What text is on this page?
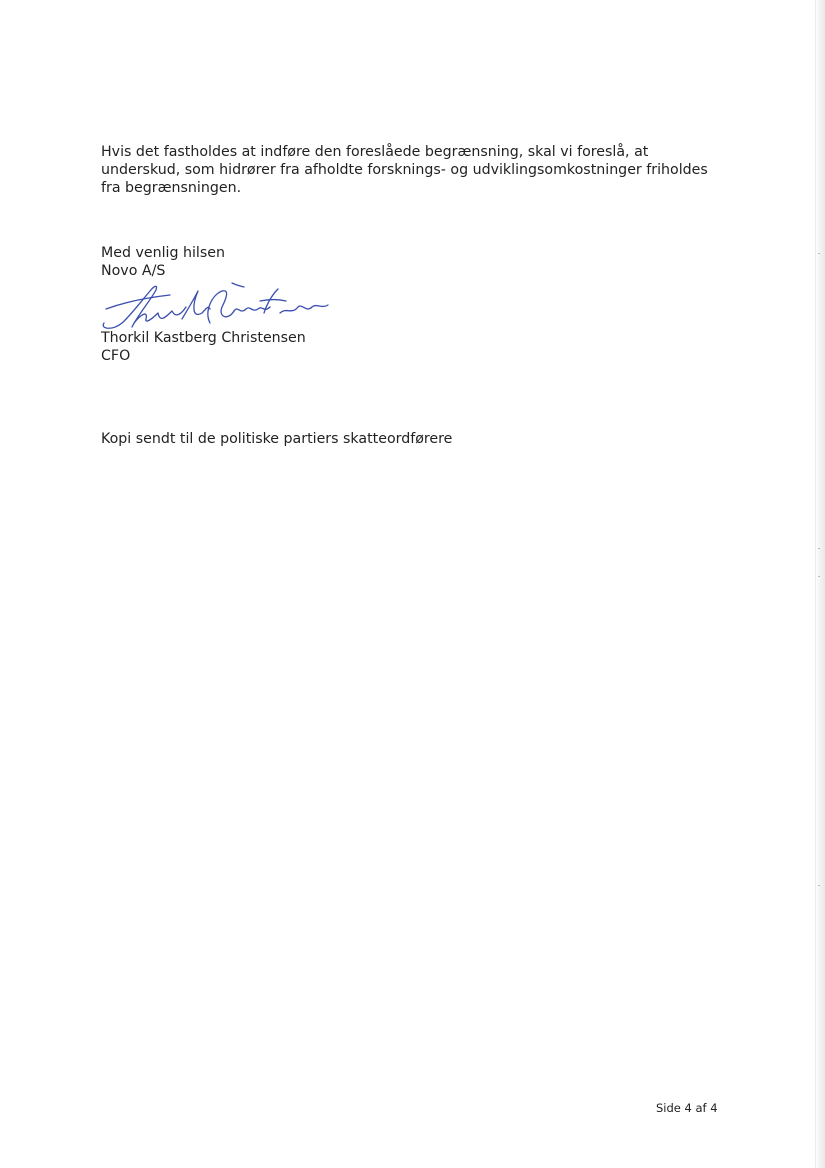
Hvis det fastholdes at indføre den foreslåede begrænsning, skal vi foreslå, at
underskud, som hidrører fra afholdte forsknings- og udviklingsomkostninger friholdes
fra begrænsningen.

Med venlig hilsen
Novo A/S
Thorkil Kastberg Christensen
CFO
Kopi sendt til de politiske partiers skatteordførere
Side 4 af 4
